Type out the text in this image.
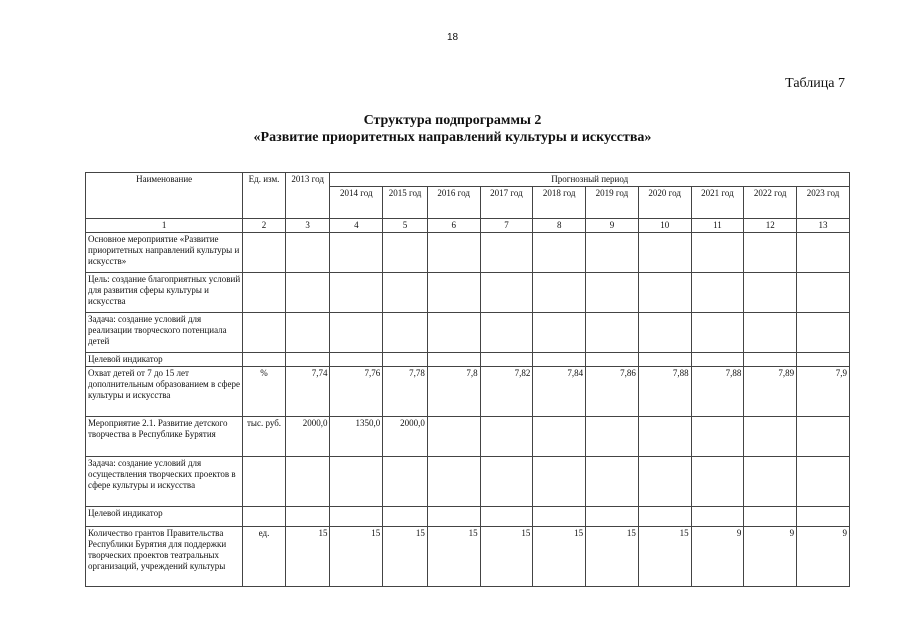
18
Таблица 7
Структура подпрограммы 2
«Развитие приоритетных направлений культуры и искусства»
Наименование	Ед. изм.	2013 год	Прогнозный период									
			2014 год	2015 год	2016 год	2017 год	2018 год	2019 год	2020 год	2021 год	2022 год	2023 год
1	2	3	4	5	6	7	8	9	10	11	12	13
Основное мероприятие «Развитие приоритетных направлений культуры и искусств»												
Цель: создание благоприятных условий для развития сферы культуры и искусства												
Задача: создание условий для реализации творческого потенциала детей												
Целевой индикатор												
Охват детей от 7 до 15 лет дополнительным образованием в сфере культуры и искусства	%	7,74	7,76	7,78	7,8	7,82	7,84	7,86	7,88	7,88	7,89	7,9
Мероприятие 2.1. Развитие детского творчества в Республике Бурятия	тыс. руб.	2000,0	1350,0	2000,0								
Задача: создание условий для осуществления творческих проектов в сфере культуры и искусства												
Целевой индикатор												
Количество грантов Правительства Республики Бурятия для поддержки творческих проектов театральных организаций, учреждений культуры	ед.	15	15	15	15	15	15	15	15	9	9	9
